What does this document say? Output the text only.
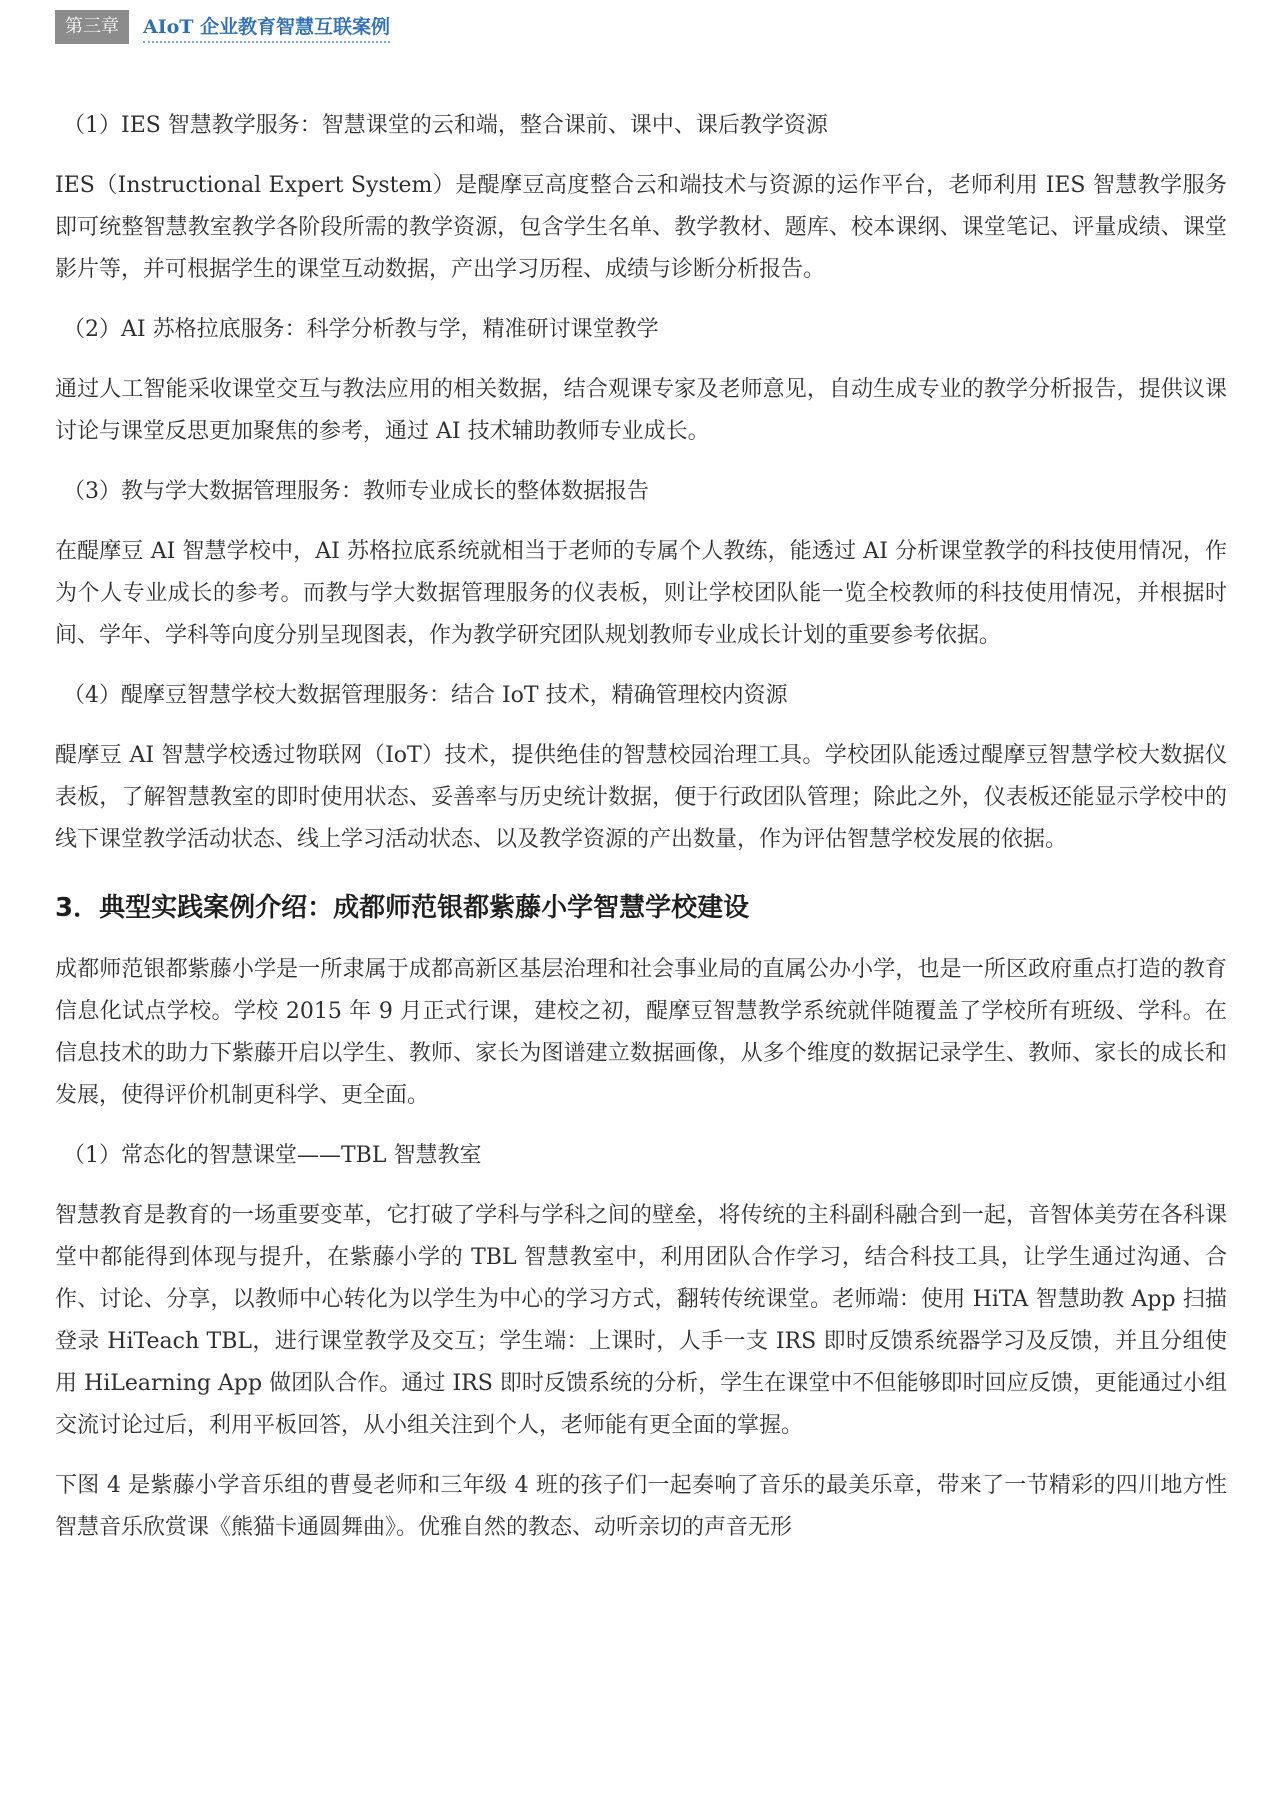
第三章	AIoT 企业教育智慧互联案例
（1）IES 智慧教学服务：智慧课堂的云和端，整合课前、课中、课后教学资源
IES（Instructional Expert System）是醍摩豆高度整合云和端技术与资源的运作平台，老师利用 IES 智慧教学服务即可统整智慧教室教学各阶段所需的教学资源，包含学生名单、教学教材、题库、校本课纲、课堂笔记、评量成绩、课堂影片等，并可根据学生的课堂互动数据，产出学习历程、成绩与诊断分析报告。
（2）AI 苏格拉底服务：科学分析教与学，精准研讨课堂教学
通过人工智能采收课堂交互与教法应用的相关数据，结合观课专家及老师意见，自动生成专业的教学分析报告，提供议课讨论与课堂反思更加聚焦的参考，通过 AI 技术辅助教师专业成长。
（3）教与学大数据管理服务：教师专业成长的整体数据报告
在醍摩豆 AI 智慧学校中，AI 苏格拉底系统就相当于老师的专属个人教练，能透过 AI 分析课堂教学的科技使用情况，作为个人专业成长的参考。而教与学大数据管理服务的仪表板，则让学校团队能一览全校教师的科技使用情况，并根据时间、学年、学科等向度分别呈现图表，作为教学研究团队规划教师专业成长计划的重要参考依据。
（4）醍摩豆智慧学校大数据管理服务：结合 IoT 技术，精确管理校内资源
醍摩豆 AI 智慧学校透过物联网（IoT）技术，提供绝佳的智慧校园治理工具。学校团队能透过醍摩豆智慧学校大数据仪表板，了解智慧教室的即时使用状态、妥善率与历史统计数据，便于行政团队管理；除此之外，仪表板还能显示学校中的线下课堂教学活动状态、线上学习活动状态、以及教学资源的产出数量，作为评估智慧学校发展的依据。
3．典型实践案例介绍：成都师范银都紫藤小学智慧学校建设
成都师范银都紫藤小学是一所隶属于成都高新区基层治理和社会事业局的直属公办小学，也是一所区政府重点打造的教育信息化试点学校。学校 2015 年 9 月正式行课，建校之初，醍摩豆智慧教学系统就伴随覆盖了学校所有班级、学科。在信息技术的助力下紫藤开启以学生、教师、家长为图谱建立数据画像，从多个维度的数据记录学生、教师、家长的成长和发展，使得评价机制更科学、更全面。
（1）常态化的智慧课堂——TBL 智慧教室
智慧教育是教育的一场重要变革，它打破了学科与学科之间的壁垒，将传统的主科副科融合到一起，音智体美劳在各科课堂中都能得到体现与提升，在紫藤小学的 TBL 智慧教室中，利用团队合作学习，结合科技工具，让学生通过沟通、合作、讨论、分享，以教师中心转化为以学生为中心的学习方式，翻转传统课堂。老师端：使用 HiTA 智慧助教 App 扫描登录 HiTeach TBL，进行课堂教学及交互；学生端：上课时，人手一支 IRS 即时反馈系统器学习及反馈，并且分组使用 HiLearning App 做团队合作。通过 IRS 即时反馈系统的分析，学生在课堂中不但能够即时回应反馈，更能通过小组交流讨论过后，利用平板回答，从小组关注到个人，老师能有更全面的掌握。
下图 4 是紫藤小学音乐组的曹曼老师和三年级 4 班的孩子们一起奏响了音乐的最美乐章，带来了一节精彩的四川地方性智慧音乐欣赏课《熊猫卡通圆舞曲》。优雅自然的教态、动听亲切的声音无形
